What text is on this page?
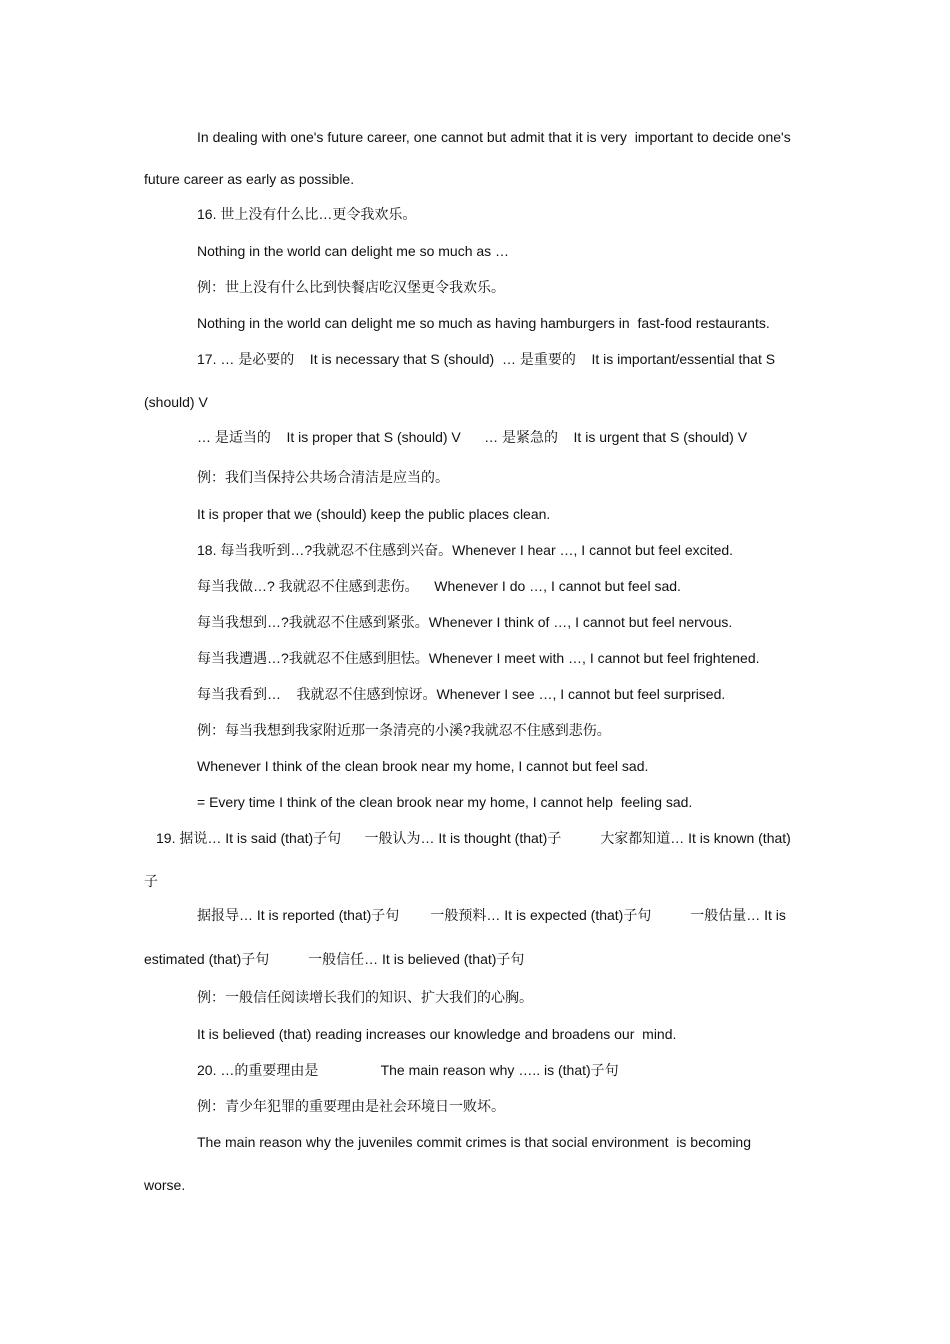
In dealing with one's future career, one cannot but admit that it is very  important to decide one's
future career as early as possible.
16. 世上没有什么比…更令我欢乐。
Nothing in the world can delight me so much as …
例：世上没有什么比到快餐店吃汉堡更令我欢乐。
Nothing in the world can delight me so much as having hamburgers in  fast-food restaurants.
17. … 是必要的    It is necessary that S (should)  … 是重要的    It is important/essential that S
(should) V
… 是适当的    It is proper that S (should) V      … 是紧急的    It is urgent that S (should) V
例：我们当保持公共场合清洁是应当的。
It is proper that we (should) keep the public places clean.
18. 每当我听到…?我就忍不住感到兴奋。Whenever I hear …, I cannot but feel excited.
每当我做…? 我就忍不住感到悲伤。    Whenever I do …, I cannot but feel sad.
每当我想到…?我就忍不住感到紧张。Whenever I think of …, I cannot but feel nervous.
每当我遭遇…?我就忍不住感到胆怯。Whenever I meet with …, I cannot but feel frightened.
每当我看到…    我就忍不住感到惊讶。Whenever I see …, I cannot but feel surprised.
例：每当我想到我家附近那一条清亮的小溪?我就忍不住感到悲伤。
Whenever I think of the clean brook near my home, I cannot but feel sad.
= Every time I think of the clean brook near my home, I cannot help  feeling sad.
19. 据说… It is said (that)子句      一般认为… It is thought (that)子          大家都知道… It is known (that)
子
据报导… It is reported (that)子句        一般预料… It is expected (that)子句          一般估量… It is
estimated (that)子句          一般信任… It is believed (that)子句
例：一般信任阅读增长我们的知识、扩大我们的心胸。
It is believed (that) reading increases our knowledge and broadens our  mind.
20. …的重要理由是                The main reason why ….. is (that)子句
例：青少年犯罪的重要理由是社会环境日一败坏。
The main reason why the juveniles commit crimes is that social environment  is becoming
worse.
